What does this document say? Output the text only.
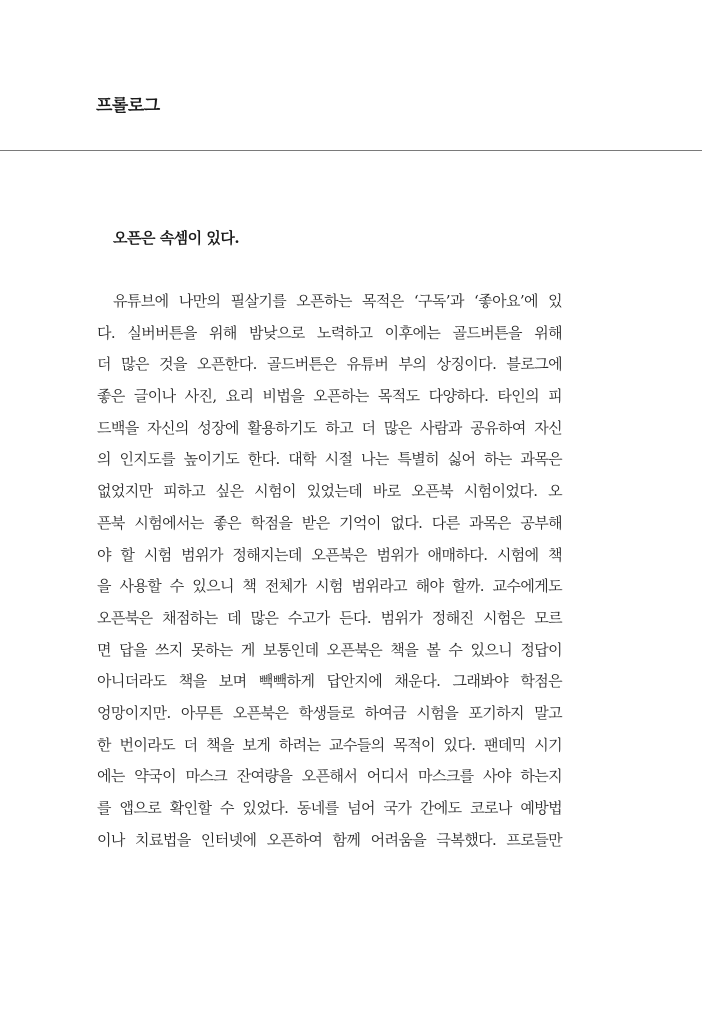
프롤로그
오픈은 속셈이 있다.
유튜브에 나만의 필살기를 오픈하는 목적은 ‘구독’과 ‘좋아요’에 있
다. 실버버튼을 위해 밤낮으로 노력하고 이후에는 골드버튼을 위해
더 많은 것을 오픈한다. 골드버튼은 유튜버 부의 상징이다. 블로그에
좋은 글이나 사진, 요리 비법을 오픈하는 목적도 다양하다. 타인의 피
드백을 자신의 성장에 활용하기도 하고 더 많은 사람과 공유하여 자신
의 인지도를 높이기도 한다. 대학 시절 나는 특별히 싫어 하는 과목은
없었지만 피하고 싶은 시험이 있었는데 바로 오픈북 시험이었다. 오
픈북 시험에서는 좋은 학점을 받은 기억이 없다. 다른 과목은 공부해
야 할 시험 범위가 정해지는데 오픈북은 범위가 애매하다. 시험에 책
을 사용할 수 있으니 책 전체가 시험 범위라고 해야 할까. 교수에게도
오픈북은 채점하는 데 많은 수고가 든다. 범위가 정해진 시험은 모르
면 답을 쓰지 못하는 게 보통인데 오픈북은 책을 볼 수 있으니 정답이
아니더라도 책을 보며 빽빽하게 답안지에 채운다. 그래봐야 학점은
엉망이지만. 아무튼 오픈북은 학생들로 하여금 시험을 포기하지 말고
한 번이라도 더 책을 보게 하려는 교수들의 목적이 있다. 팬데믹 시기
에는 약국이 마스크 잔여량을 오픈해서 어디서 마스크를 사야 하는지
를 앱으로 확인할 수 있었다. 동네를 넘어 국가 간에도 코로나 예방법
이나 치료법을 인터넷에 오픈하여 함께 어려움을 극복했다. 프로들만
